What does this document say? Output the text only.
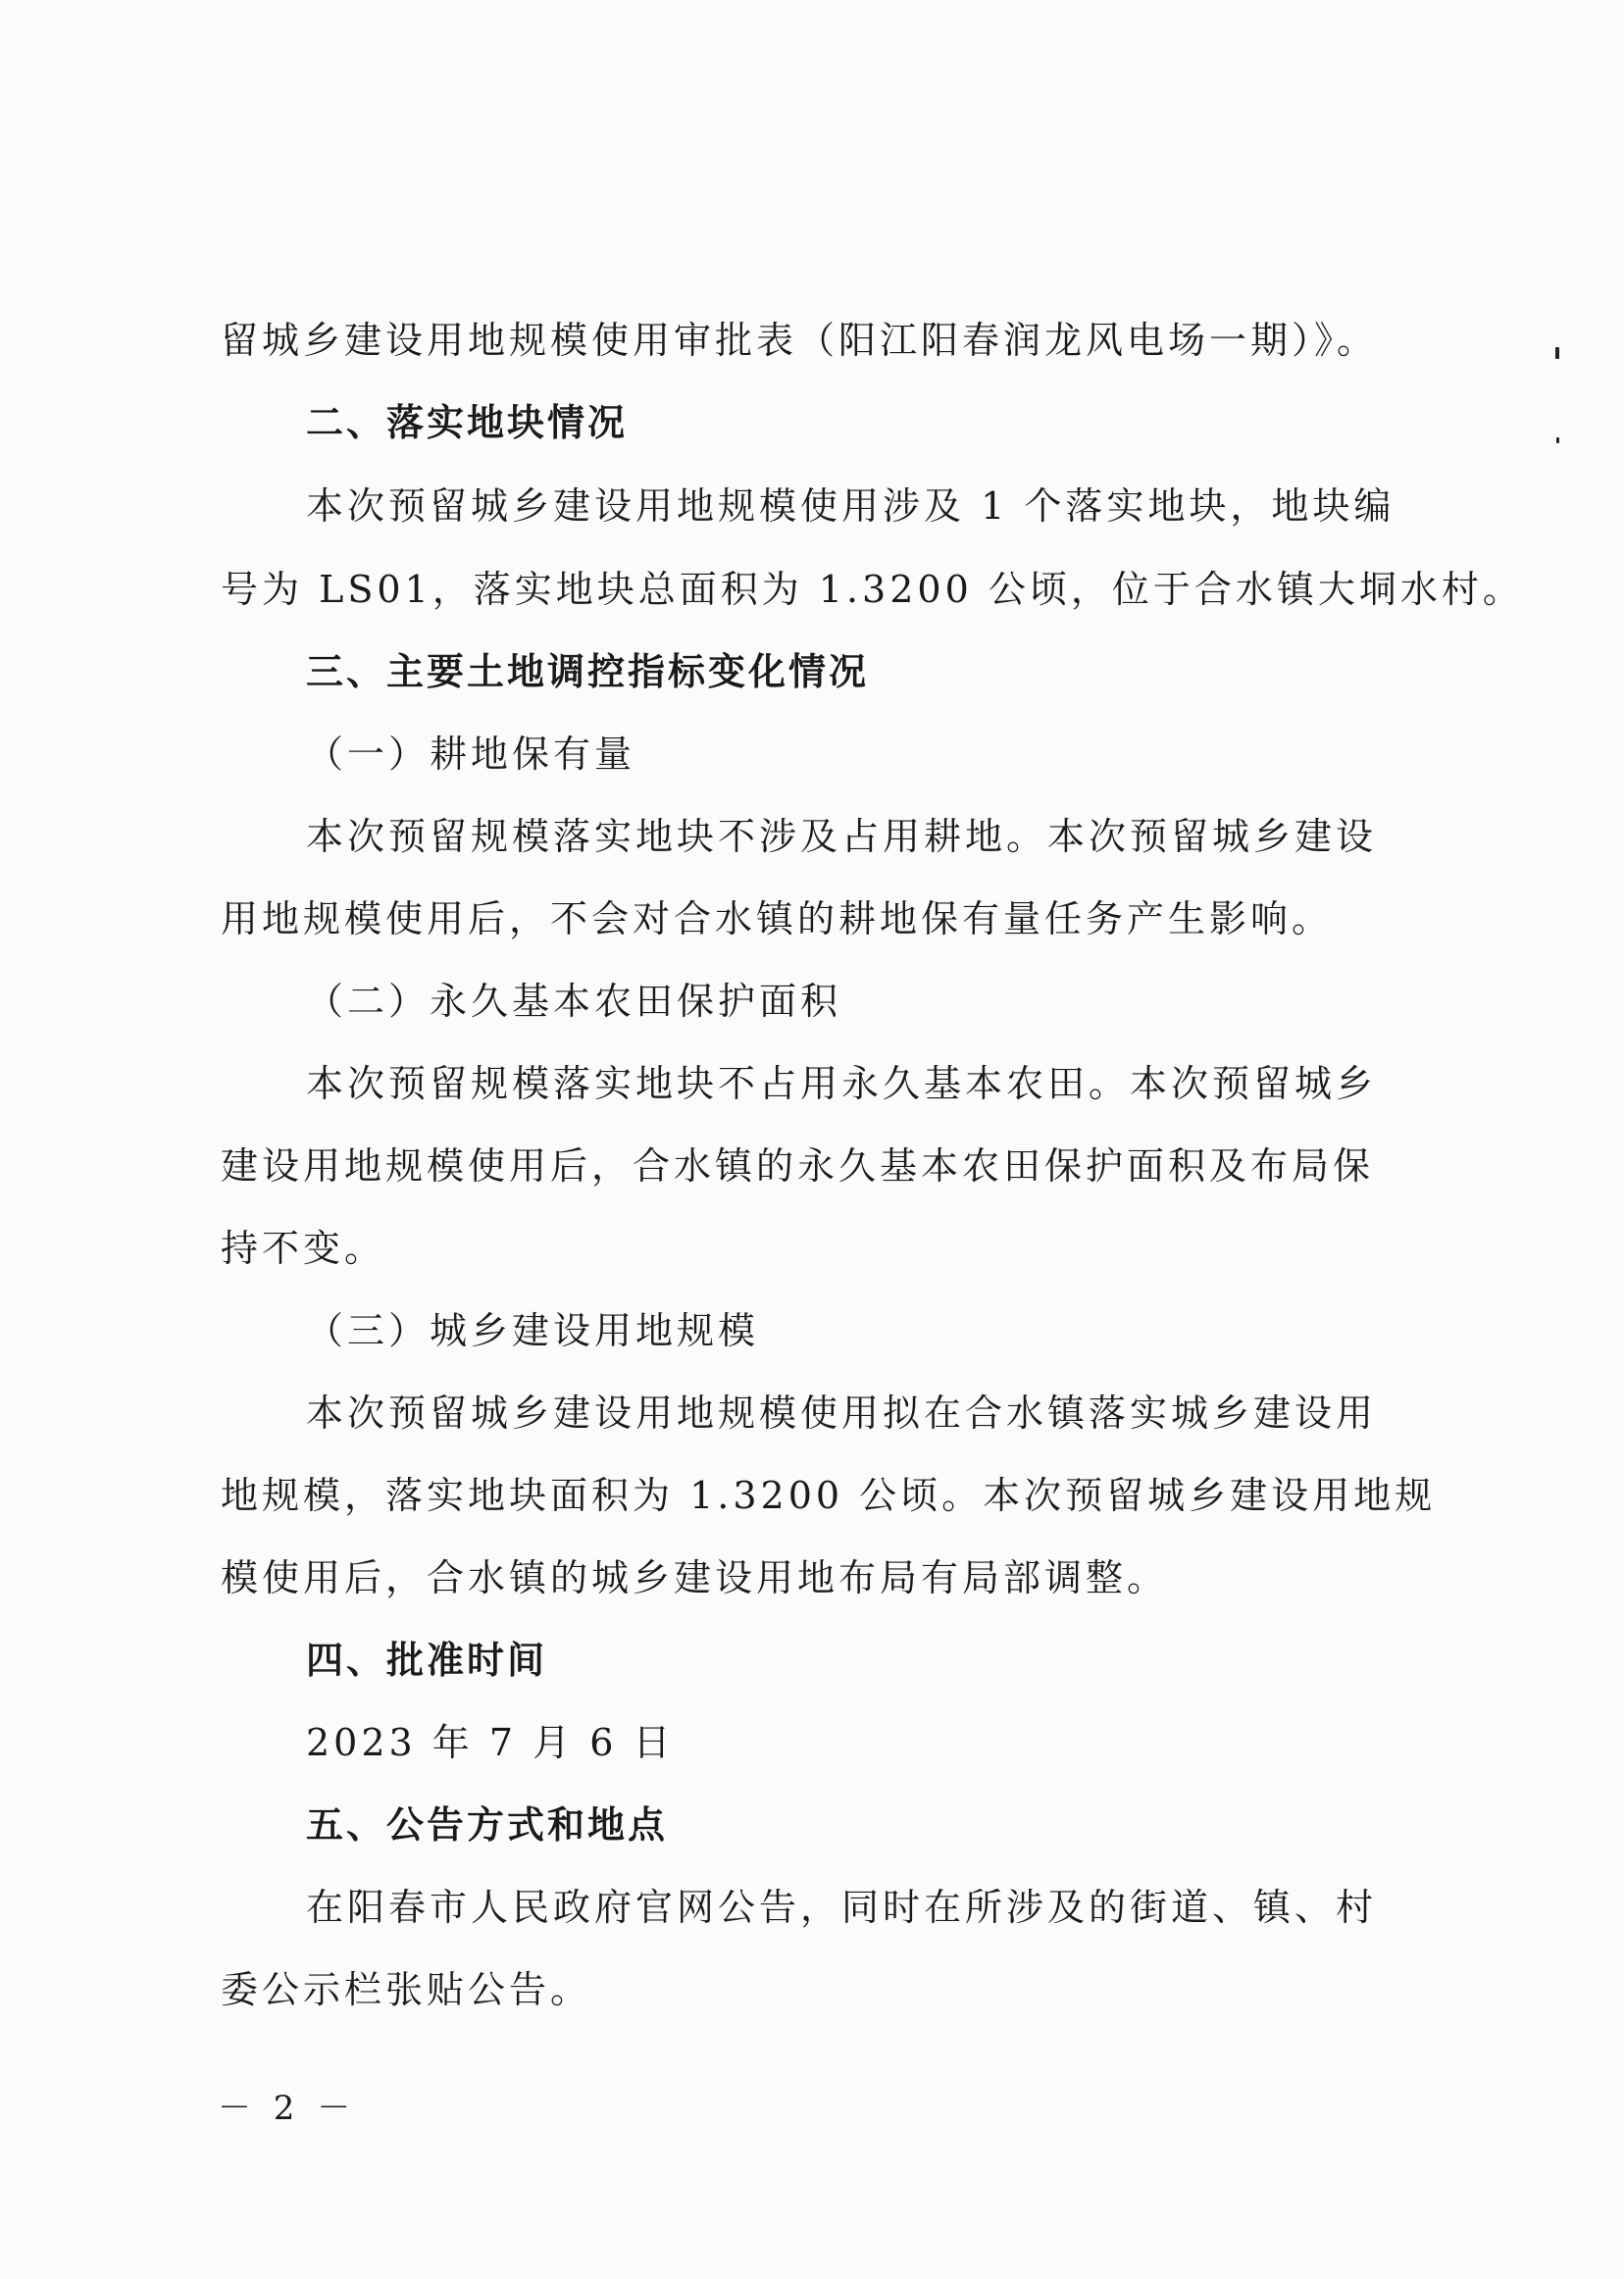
留城乡建设用地规模使用审批表（阳江阳春润龙风电场一期）》。
二、落实地块情况
本次预留城乡建设用地规模使用涉及 1 个落实地块，地块编
号为 LS01，落实地块总面积为 1.3200 公顷，位于合水镇大垌水村。
三、主要土地调控指标变化情况
（一）耕地保有量
本次预留规模落实地块不涉及占用耕地。本次预留城乡建设
用地规模使用后，不会对合水镇的耕地保有量任务产生影响。
（二）永久基本农田保护面积
本次预留规模落实地块不占用永久基本农田。本次预留城乡
建设用地规模使用后，合水镇的永久基本农田保护面积及布局保
持不变。
（三）城乡建设用地规模
本次预留城乡建设用地规模使用拟在合水镇落实城乡建设用
地规模，落实地块面积为 1.3200 公顷。本次预留城乡建设用地规
模使用后，合水镇的城乡建设用地布局有局部调整。
四、批准时间
2023 年 7 月 6 日
五、公告方式和地点
在阳春市人民政府官网公告，同时在所涉及的街道、镇、村
委公示栏张贴公告。
－ 2 －
